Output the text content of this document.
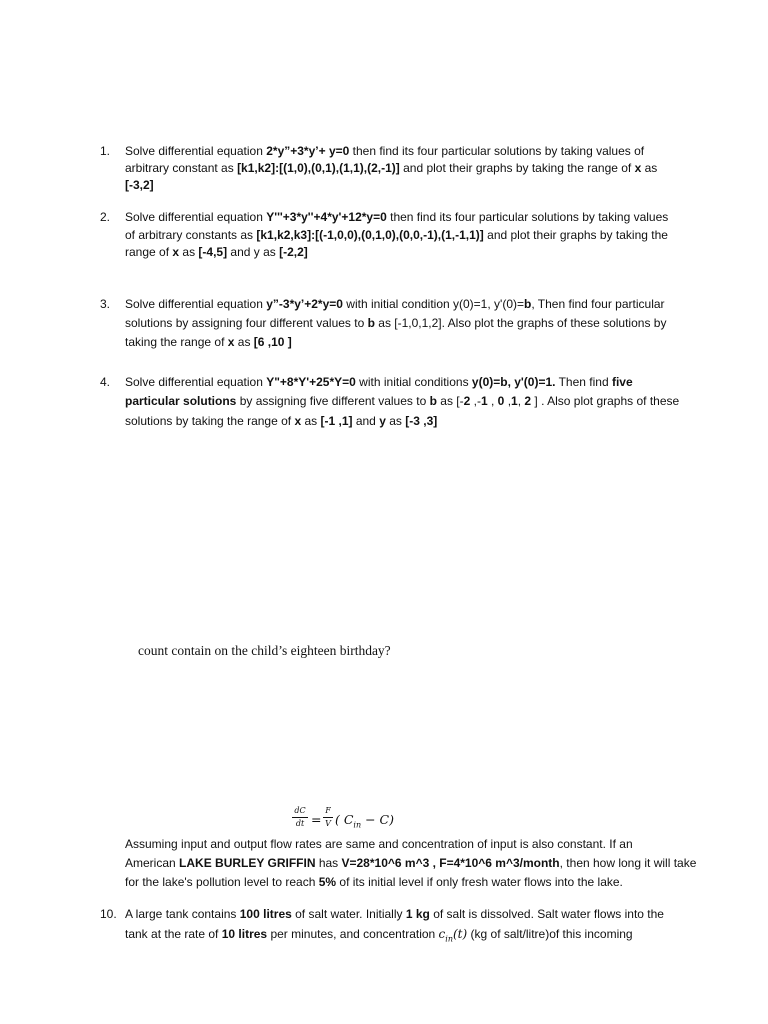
1.	Solve differential equation 2*y”+3*y’+ y=0 then find its four particular solutions by taking values of
arbitrary constant as [k1,k2]:[(1,0),(0,1),(1,1),(2,-1)] and plot their graphs by taking the range of x as
[-3,2]
2.	Solve differential equation Y'''+3*y''+4*y'+12*y=0 then find its four particular solutions by taking values
of arbitrary constants as [k1,k2,k3]:[(-1,0,0),(0,1,0),(0,0,-1),(1,-1,1)] and plot their graphs by taking the
range of x as [-4,5] and y as [-2,2]
3.	Solve differential equation y”-3*y’+2*y=0 with initial condition y(0)=1, y'(0)=b, Then find four particular
solutions by assigning four different values to b as [-1,0,1,2]. Also plot the graphs of these solutions by
taking the range of x as [6 ,10 ]
4.	Solve differential equation Y"+8*Y'+25*Y=0 with initial conditions y(0)=b, y'(0)=1. Then find five
particular solutions by assigning five different values to b as [-2 ,-1 , 0 ,1, 2 ] . Also plot graphs of these
solutions by taking the range of x as [-1 ,1] and y as [-3 ,3]
count contain on the child’s eighteen birthday?
dC
dt =
F
V ( $C_{in} - C$)
Assuming input and output flow rates are same and concentration of input is also constant. If an
American LAKE BURLEY GRIFFIN has V=28*10^6 m^3 , F=4*10^6 m^3/month, then how long it will take
for the lake's pollution level to reach 5% of its initial level if only fresh water flows into the lake.
10. A large tank contains 100 litres of salt water. Initially 1 kg of salt is dissolved. Salt water flows into the
tank at the rate of 10 litres per minutes, and concentration $c_{in}(t)$ (kg of salt/litre)of this incoming
